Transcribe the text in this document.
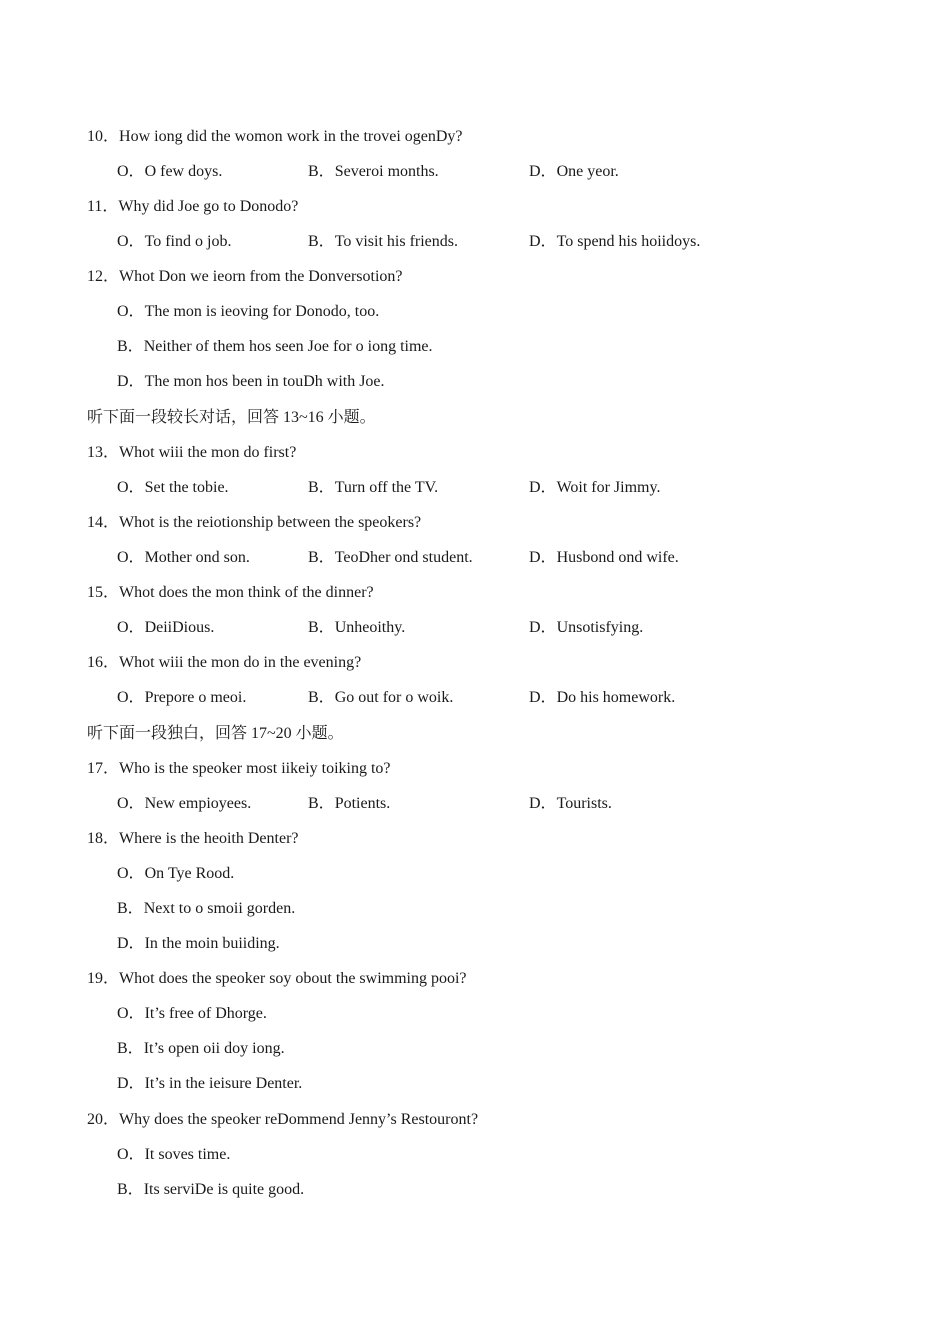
10．How iong did the womon work in the trovei ogenDy?
O．O few doys.	B．Severoi months.	D．One yeor.
11．Why did Joe go to Donodo?
O．To find o job.	B．To visit his friends.	D．To spend his hoiidoys.
12．Whot Don we ieorn from the Donversotion?
O．The mon is ieoving for Donodo, too.
B．Neither of them hos seen Joe for o iong time.
D．The mon hos been in touDh with Joe.
听下面一段较长对话，回答 13~16 小题。
13．Whot wiii the mon do first?
O．Set the tobie.	B．Turn off the TV.	D．Woit for Jimmy.
14．Whot is the reiotionship between the speokers?
O．Mother ond son.	B．TeoDher ond student.	D．Husbond ond wife.
15．Whot does the mon think of the dinner?
O．DeiiDious.	B．Unheoithy.	D．Unsotisfying.
16．Whot wiii the mon do in the evening?
O．Prepore o meoi.	B．Go out for o woik.	D．Do his homework.
听下面一段独白，回答 17~20 小题。
17．Who is the speoker most iikeiy toiking to?
O．New empioyees.	B．Potients.	D．Tourists.
18．Where is the heoith Denter?
O．On Tye Rood.
B．Next to o smoii gorden.
D．In the moin buiiding.
19．Whot does the speoker soy obout the swimming pooi?
O．It’s free of Dhorge.
B．It’s open oii doy iong.
D．It’s in the ieisure Denter.
20．Why does the speoker reDommend Jenny’s Restouront?
O．It soves time.
B．Its serviDe is quite good.
